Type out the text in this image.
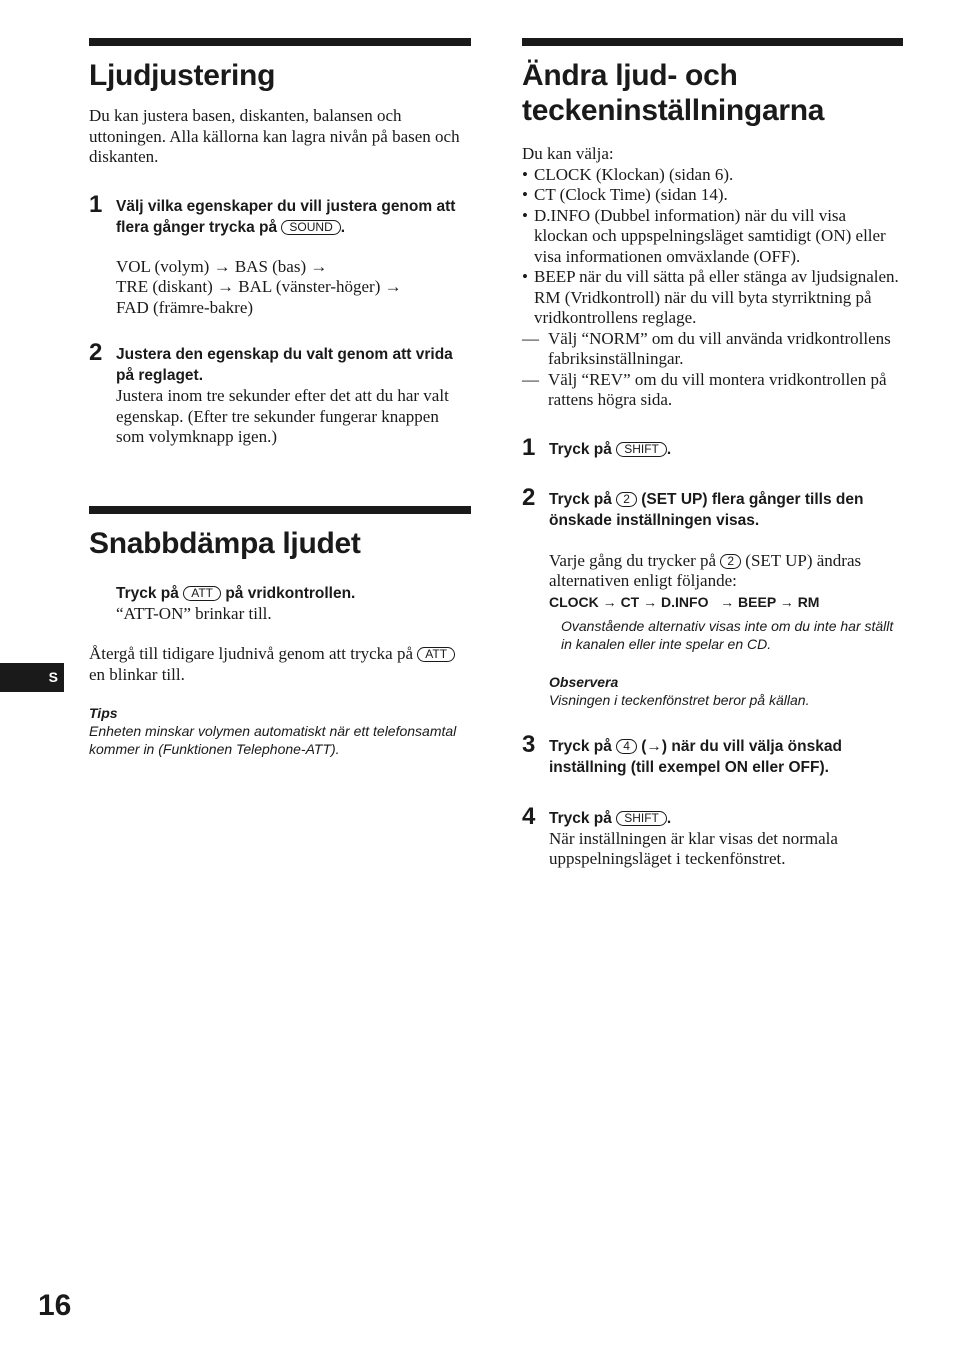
Ljudjustering

Du kan justera basen, diskanten, balansen och uttoningen. Alla källorna kan lagra nivån på basen och diskanten.

1 Välj vilka egenskaper du vill justera genom att flera gånger trycka på SOUND .
VOL (volym) → BAS (bas) →
TRE (diskant) → BAL (vänster-höger) →
FAD (främre-bakre)
2 Justera den egenskap du valt genom att vrida på reglaget.
Justera inom tre sekunder efter det att du har valt egenskap. (Efter tre sekunder fungerar knappen som volymknapp igen.)
Snabbdämpa ljudet
Tryck på ATT på vridkontrollen.
“ATT-ON” brinkar till.

Återgå till tidigare ljudnivå genom att trycka på ATT en blinkar till.

Tips
Enheten minskar volymen automatiskt när ett telefonsamtal kommer in (Funktionen Telephone-ATT).
Ändra ljud- och
teckeninställningarna
Du kan välja:
• CLOCK (Klockan) (sidan 6).
• CT (Clock Time) (sidan 14).
• D.INFO (Dubbel information) när du vill visa klockan och uppspelningsläget samtidigt (ON) eller visa informationen omväxlande (OFF).
• BEEP när du vill sätta på eller stänga av ljudsignalen.
RM (Vridkontroll) när du vill byta styrriktning på vridkontrollens reglage.
— Välj “NORM” om du vill använda vridkontrollens fabriksinställningar.
— Välj “REV” om du vill montera vridkontrollen på rattens högra sida.
1 Tryck på SHIFT .
2 Tryck på 2 (SET UP) flera gånger tills den önskade inställningen visas.
Varje gång du trycker på 2 (SET UP) ändras alternativen enligt följande:
CLOCK → CT → D.INFO → BEEP → RM
Ovanstående alternativ visas inte om du inte har ställt in kanalen eller inte spelar en CD.
Observera
Visningen i teckenfönstret beror på källan.
3 Tryck på 4 (→) när du vill välja önskad inställning (till exempel ON eller OFF).
4 Tryck på SHIFT .
När inställningen är klar visas det normala uppspelningsläget i teckenfönstret.
S
16
